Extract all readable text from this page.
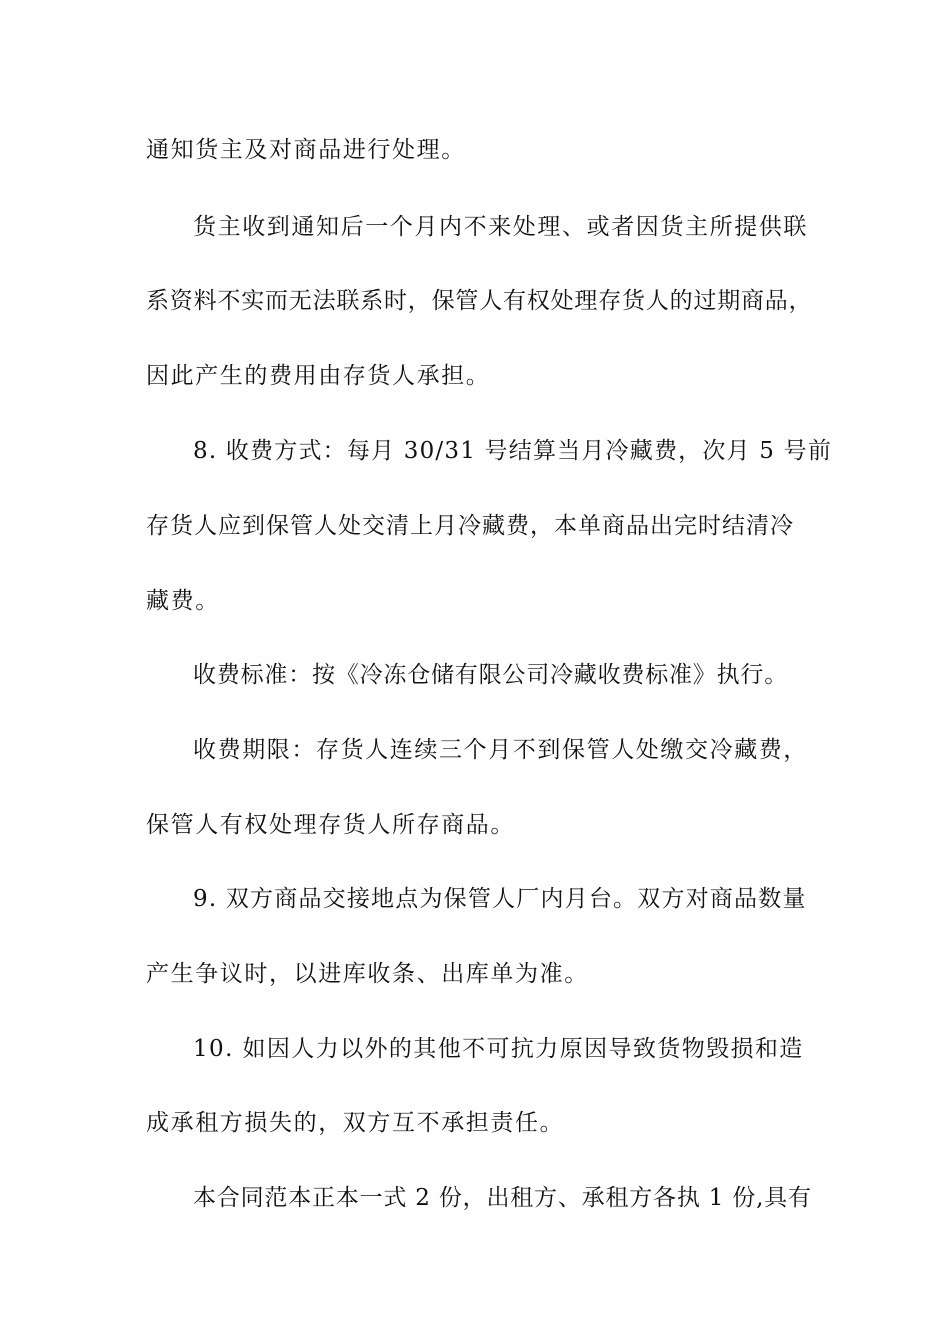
通知货主及对商品进行处理。
货主收到通知后一个月内不来处理、或者因货主所提供联
系资料不实而无法联系时，保管人有权处理存货人的过期商品，
因此产生的费用由存货人承担。
8. 收费方式：每月 30/31 号结算当月冷藏费，次月 5 号前
存货人应到保管人处交清上月冷藏费，本单商品出完时结清冷
藏费。
收费标准：按《冷冻仓储有限公司冷藏收费标准》执行。
收费期限：存货人连续三个月不到保管人处缴交冷藏费，
保管人有权处理存货人所存商品。
9. 双方商品交接地点为保管人厂内月台。双方对商品数量
产生争议时，以进库收条、出库单为准。
10. 如因人力以外的其他不可抗力原因导致货物毁损和造
成承租方损失的，双方互不承担责任。
本合同范本正本一式 2 份，出租方、承租方各执 1 份,具有
